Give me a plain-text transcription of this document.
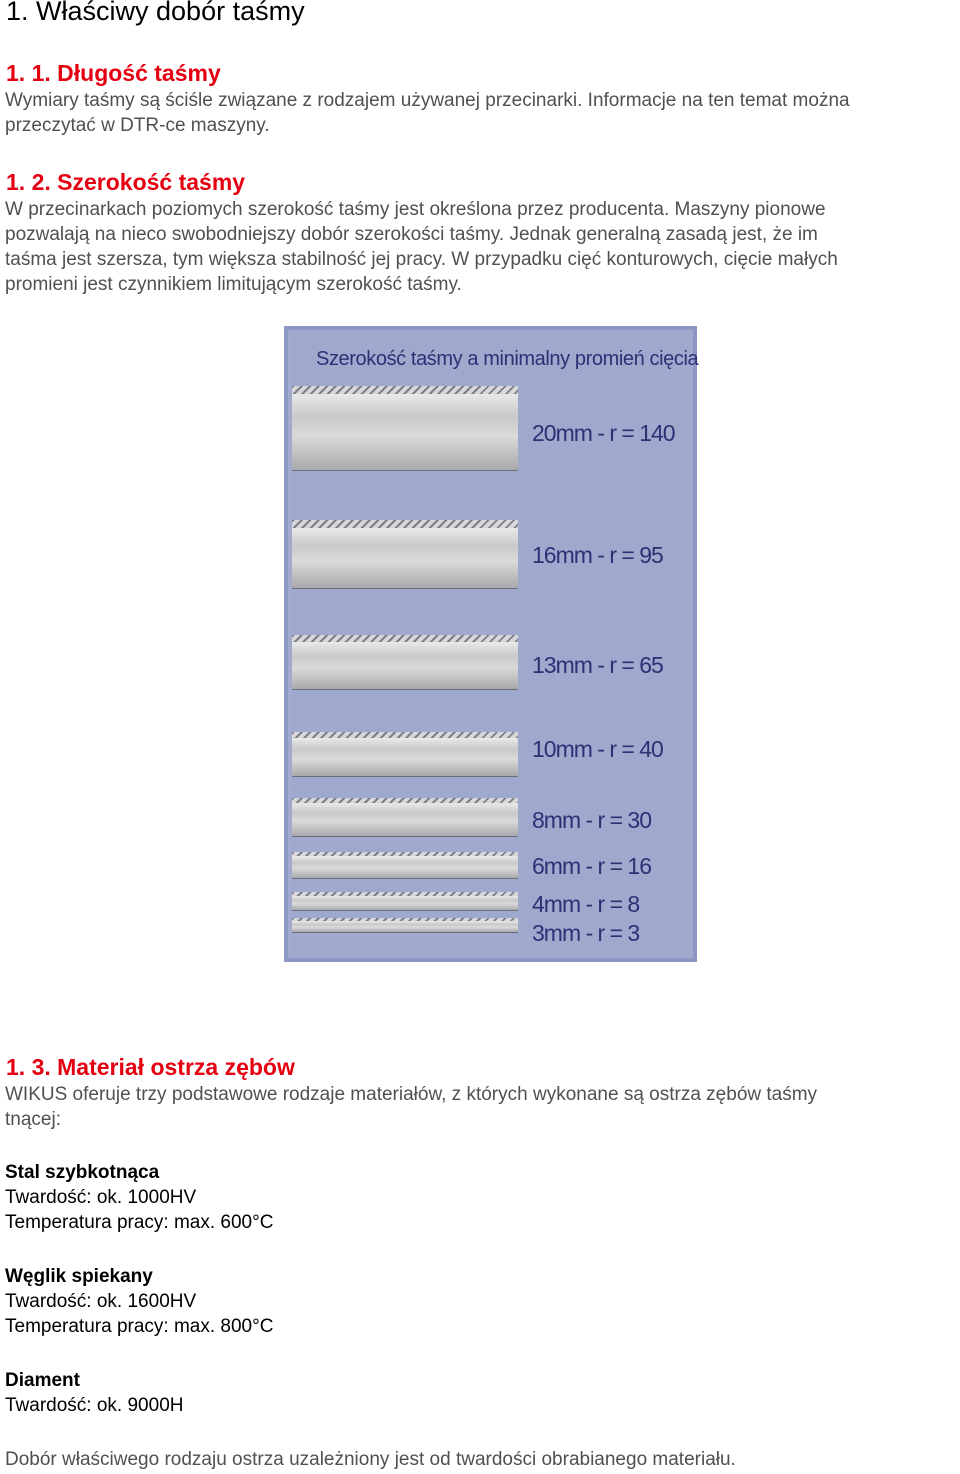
1. Właściwy dobór taśmy
1. 1. Długość taśmy

Wymiary taśmy są ściśle związane z rodzajem używanej przecinarki. Informacje na ten temat można

przeczytać w DTR-ce maszyny.

1. 2. Szerokość taśmy

W przecinarkach poziomych szerokość taśmy jest określona przez producenta. Maszyny pionowe

pozwalają na nieco swobodniejszy dobór szerokości taśmy. Jednak generalną zasadą jest, że im

taśma jest szersza, tym większa stabilność jej pracy. W przypadku cięć konturowych, cięcie małych

promieni jest czynnikiem limitującym szerokość taśmy.

Szerokość taśmy a minimalny promień cięcia
20mm - r = 140
16mm - r = 95
13mm - r = 65
10mm - r = 40
8mm - r = 30
6mm - r = 16
4mm - r = 8
3mm - r = 3
1. 3. Materiał ostrza zębów

WIKUS oferuje trzy podstawowe rodzaje materiałów, z których wykonane są ostrza zębów taśmy

tnącej:

Stal szybkotnąca

Twardość: ok. 1000HV

Temperatura pracy: max. 600°C

Węglik spiekany

Twardość: ok. 1600HV

Temperatura pracy: max. 800°C

Diament

Twardość: ok. 9000H

Dobór właściwego rodzaju ostrza uzależniony jest od twardości obrabianego materiału.
